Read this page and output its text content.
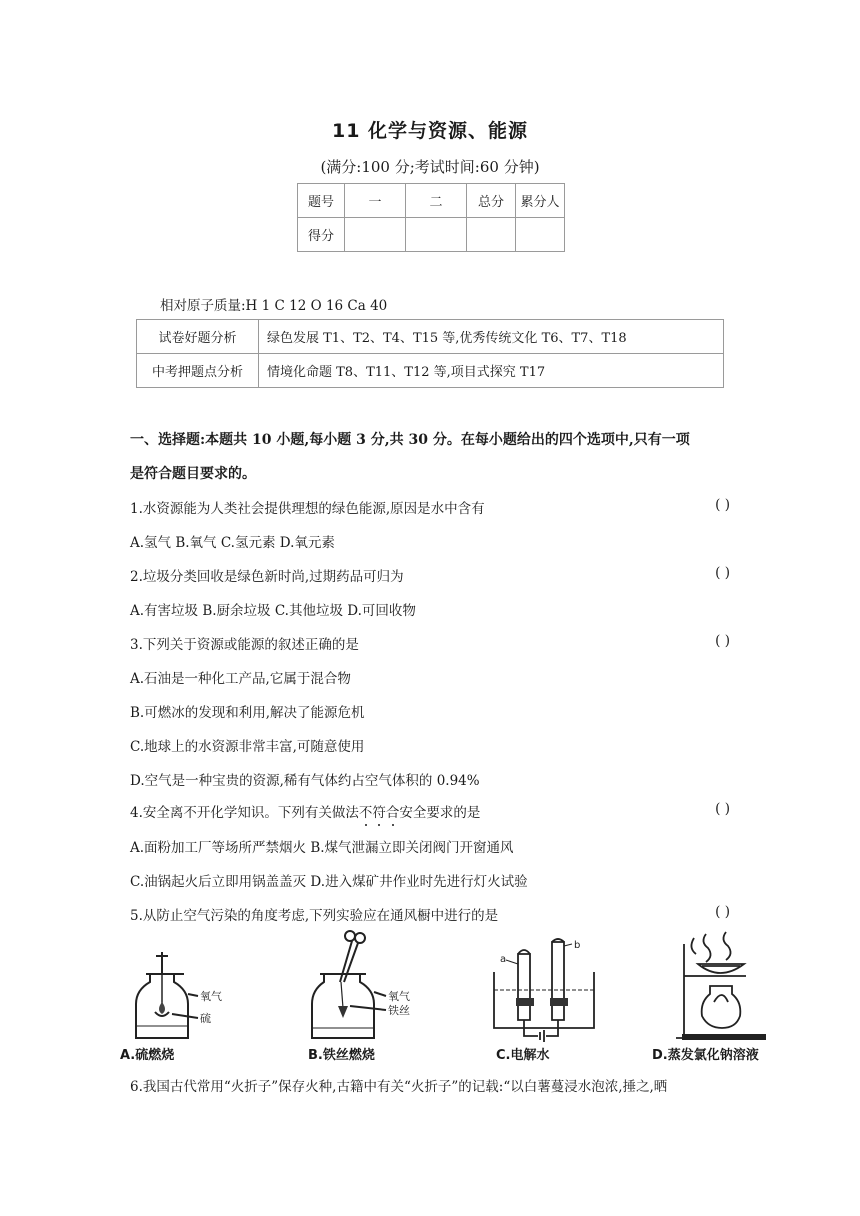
11 化学与资源、能源
(满分:100 分;考试时间:60 分钟)
题号	一	二	总分	累分人
得分				
相对原子质量:H 1 C 12 O 16 Ca 40
试卷好题分析	绿色发展 T1、T2、T4、T15 等,优秀传统文化 T6、T7、T18
中考押题点分析	情境化命题 T8、T11、T12 等,项目式探究 T17
一、选择题:本题共 10 小题,每小题 3 分,共 30 分。在每小题给出的四个选项中,只有一项
是符合题目要求的。
1.水资源能为人类社会提供理想的绿色能源,原因是水中含有	( )
A.氢气 B.氧气 C.氢元素 D.氧元素
2.垃圾分类回收是绿色新时尚,过期药品可归为	( )
A.有害垃圾 B.厨余垃圾 C.其他垃圾 D.可回收物
3.下列关于资源或能源的叙述正确的是	( )
A.石油是一种化工产品,它属于混合物
B.可燃冰的发现和利用,解决了能源危机
C.地球上的水资源非常丰富,可随意使用
D.空气是一种宝贵的资源,稀有气体约占空气体积的 0.94%
4.安全离不开化学知识。下列有关做法不符合安全要求的是	( )
A.面粉加工厂等场所严禁烟火 B.煤气泄漏立即关闭阀门开窗通风
C.油锅起火后立即用锅盖盖灭 D.进入煤矿井作业时先进行灯火试验
5.从防止空气污染的角度考虑,下列实验应在通风橱中进行的是	( )
氧气
硫
A.硫燃烧
氧气
铁丝
B.铁丝燃烧
a
b
C.电解水	D.蒸发氯化钠溶液
6.我国古代常用“火折子”保存火种,古籍中有关“火折子”的记载:“以白薯蔓浸水泡浓,捶之,晒
